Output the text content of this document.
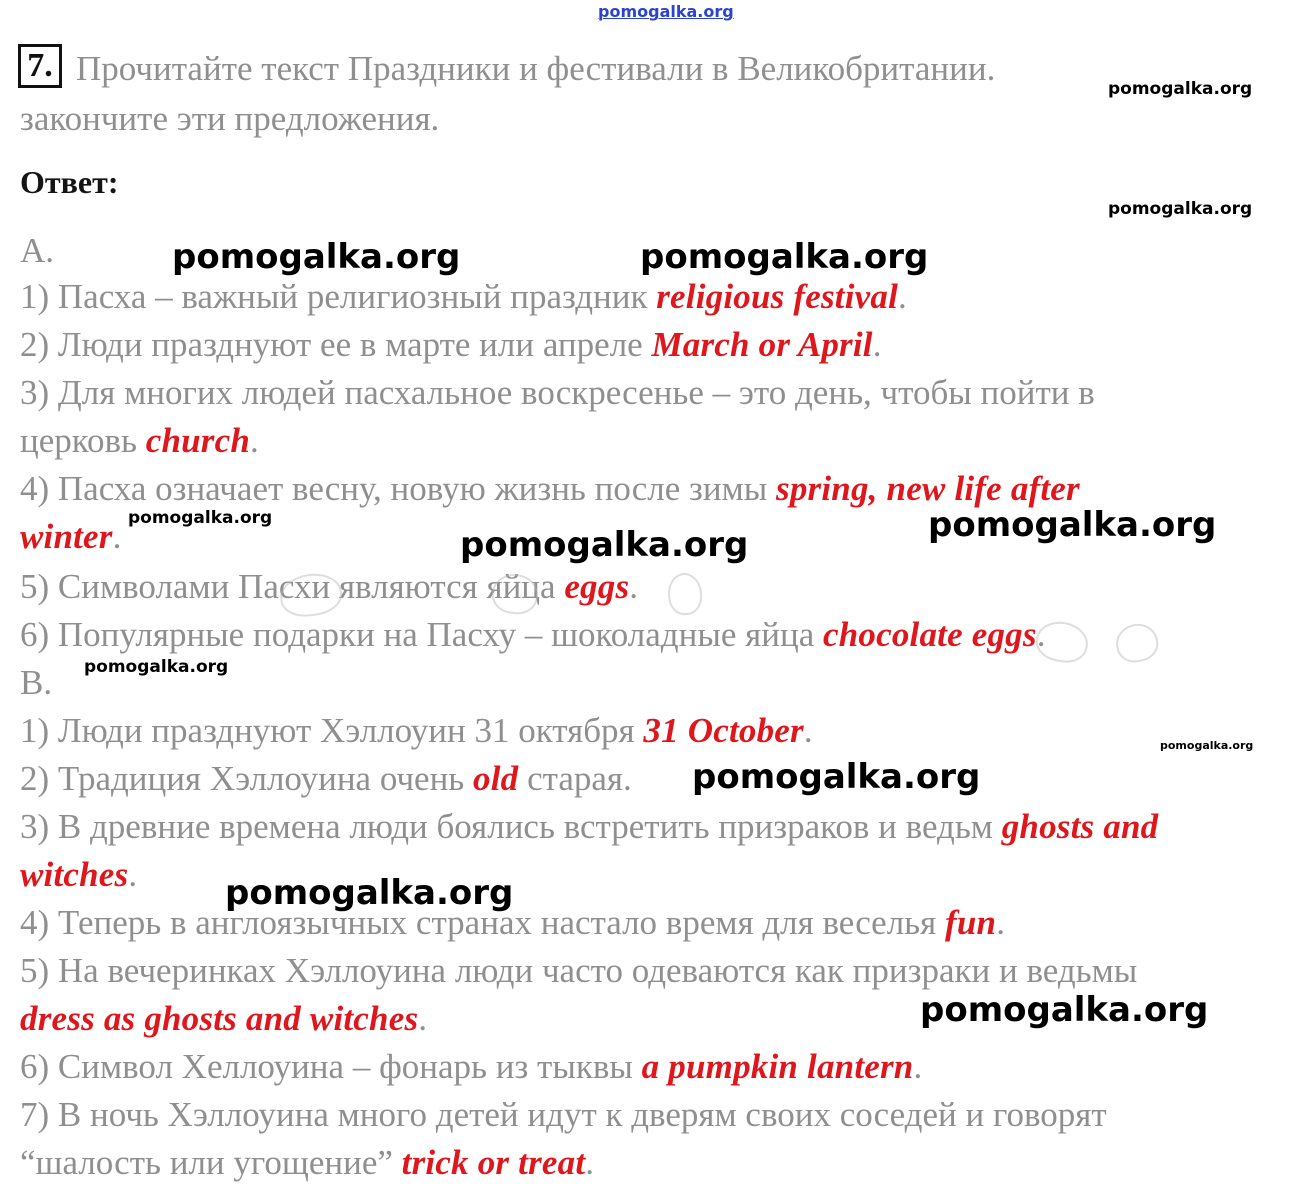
pomogalka.org
pomogalka.org
pomogalka.org
7. Прочитайте текст Праздники и фестивали в Великобритании.
закончите эти предложения.
Ответ:
А.	pomogalka.org	pomogalka.org
1) Пасха – важный религиозный праздник religious festival.
2) Люди празднуют ее в марте или апреле March or April.
3) Для многих людей пасхальное воскресенье – это день, чтобы пойти в
церковь church.
4) Пасха означает весну, новую жизнь после зимы spring, new life after
winter. pomogalka.org	pomogalka.org
pomogalka.org
5) Символами Пасхи являются яйца eggs.
6) Популярные подарки на Пасху – шоколадные яйца chocolate eggs.
pomogalka.org
В.
1) Люди празднуют Хэллоуин 31 октября 31 October.	pomogalka.org
2) Традиция Хэллоуина очень old старая. pomogalka.org
3) В древние времена люди боялись встретить призраков и ведьм ghosts and
witches.	pomogalka.org
4) Теперь в англоязычных странах настало время для веселья fun.
5) На вечеринках Хэллоуина люди часто одеваются как призраки и ведьмы
dress as ghosts and witches.	pomogalka.org
6) Символ Хеллоуина – фонарь из тыквы a pumpkin lantern.
7) В ночь Хэллоуина много детей идут к дверям своих соседей и говорят
“шалость или угощение” trick or treat.
